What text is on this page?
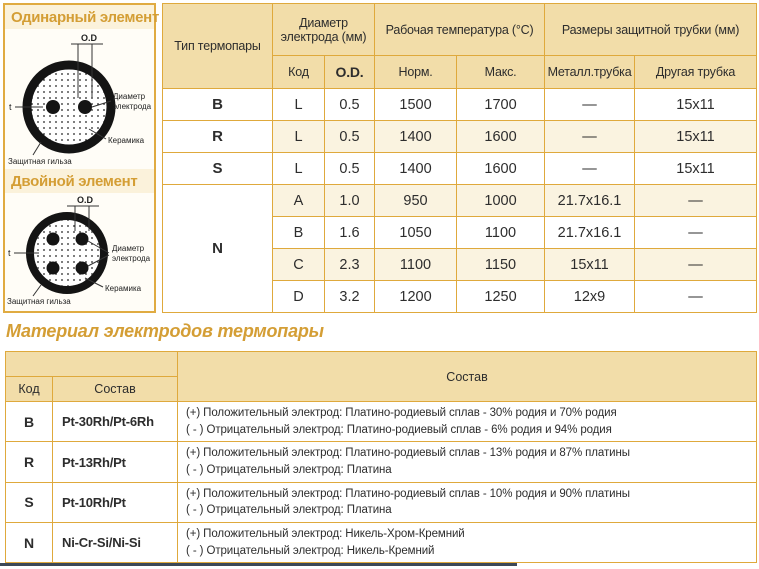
Одинарный элемент
O.D
t
Диаметр
электрода
Керамика
Защитная гильза
Двойной элемент
O.D
t	Диаметр
электрода
Керамика
Защитная гильза
Тип термопары	Диаметр электрода (мм)		Рабочая температура (°C)		Размеры защитной трубки (мм)	
	Код	O.D.	Норм.	Макс.	Металл.трубка	Другая трубка
B	L	0.5	1500	1700	—	15x11
R	L	0.5	1400	1600	—	15x11
S	L	0.5	1400	1600	—	15x11
N	A	1.0	950	1000	21.7x16.1	—
	B	1.6	1050	1100	21.7x16.1	—
	C	2.3	1100	1150	15x11	—
	D	3.2	1200	1250	12x9	—
Материал электродов термопары
		Состав
Код	Состав	
B	Pt-30Rh/Pt-6Rh	(+) Положительный электрод: Платино-родиевый сплав - 30% родия и 70% родия
( - ) Отрицательный электрод: Платино-родиевый сплав - 6% родия и 94% родия

R	Pt-13Rh/Pt	(+) Положительный электрод: Платино-родиевый сплав - 13% родия и 87% платины
( - ) Отрицательный электрод: Платина

S	Pt-10Rh/Pt	(+) Положительный электрод: Платино-родиевый сплав - 10% родия и 90% платины
( - ) Отрицательный электрод: Платина

N	Ni-Cr-Si/Ni-Si	(+) Положительный электрод: Никель-Хром-Кремний
( - ) Отрицательный электрод: Никель-Кремний
